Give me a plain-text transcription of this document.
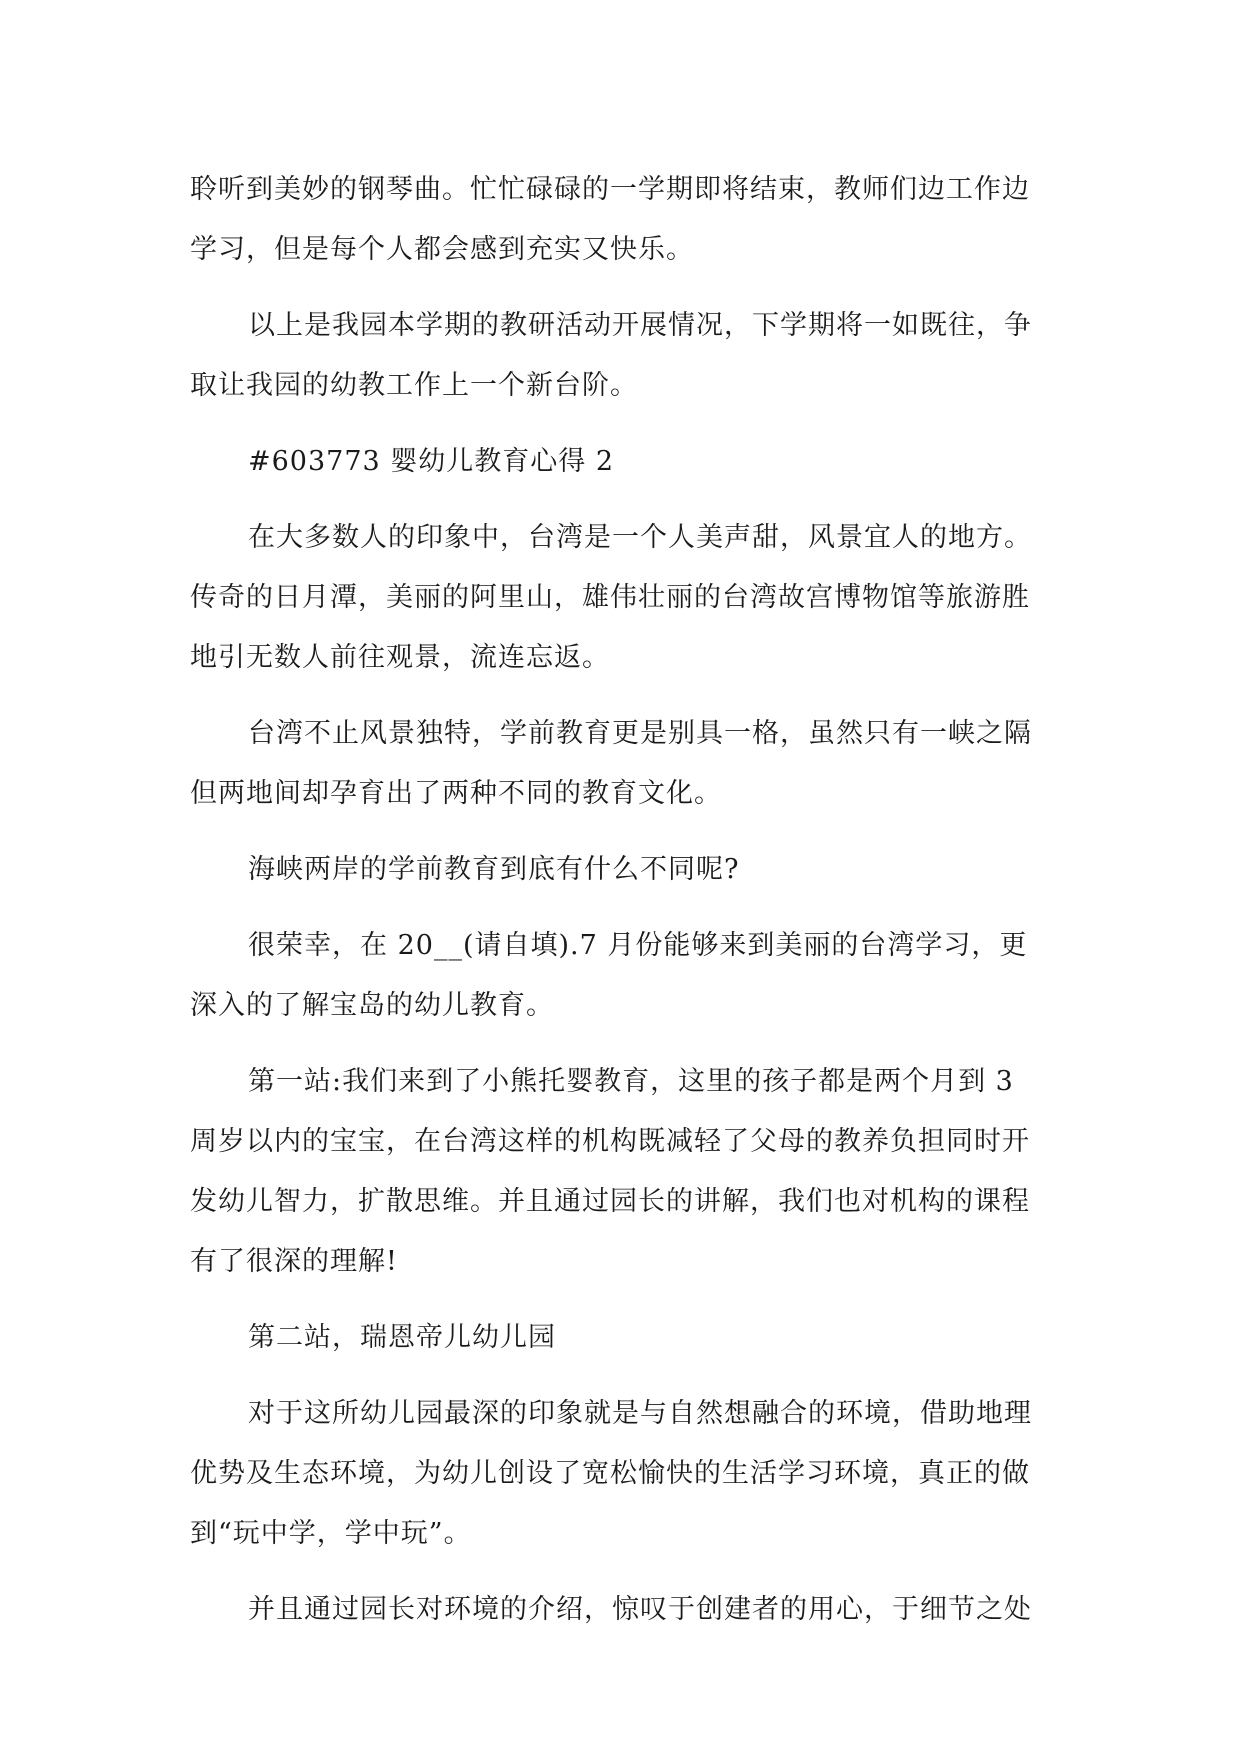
聆听到美妙的钢琴曲。忙忙碌碌的一学期即将结束，教师们边工作边
学习，但是每个人都会感到充实又快乐。

以上是我园本学期的教研活动开展情况，下学期将一如既往，争
取让我园的幼教工作上一个新台阶。

#603773 婴幼儿教育心得 2

在大多数人的印象中，台湾是一个人美声甜，风景宜人的地方。
传奇的日月潭，美丽的阿里山，雄伟壮丽的台湾故宫博物馆等旅游胜
地引无数人前往观景，流连忘返。

台湾不止风景独特，学前教育更是别具一格，虽然只有一峡之隔
但两地间却孕育出了两种不同的教育文化。

海峡两岸的学前教育到底有什么不同呢?

很荣幸，在 20__(请自填).7 月份能够来到美丽的台湾学习，更
深入的了解宝岛的幼儿教育。

第一站:我们来到了小熊托婴教育，这里的孩子都是两个月到 3
周岁以内的宝宝，在台湾这样的机构既减轻了父母的教养负担同时开
发幼儿智力，扩散思维。并且通过园长的讲解，我们也对机构的课程
有了很深的理解!

第二站，瑞恩帝儿幼儿园

对于这所幼儿园最深的印象就是与自然想融合的环境，借助地理
优势及生态环境，为幼儿创设了宽松愉快的生活学习环境，真正的做
到“玩中学，学中玩”。

并且通过园长对环境的介绍，惊叹于创建者的用心，于细节之处
